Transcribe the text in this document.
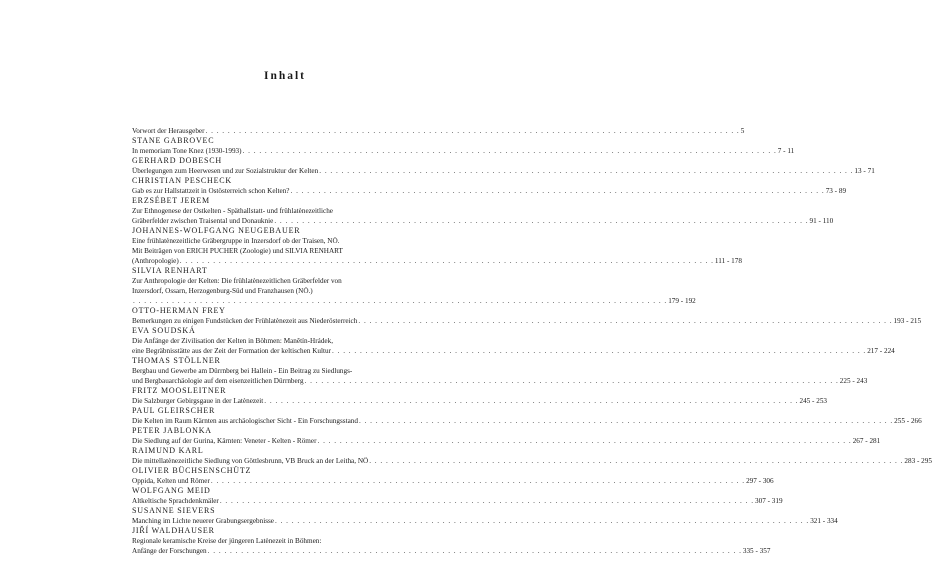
Inhalt
Vorwort der Herausgeber . . . . . . . . . . . . . . . . . . . . . . . . . . . . . . . . . . . . . . . . . . . . . . . . . . . . . . . . . . . . . . . . . . . . . . . . . . . . . . . . . . . . . . . . . . . . . . . . 5
STANE GABROVEC
In memoriam Tone Knez (1930-1993) . . . . . . . . . . . . . . . . . . . . . . . . . . . . . . . . . . . . . . . . . . . . . . . . . . . . . . . . . . . . . . . . . . . . . . . . . . . . . . . . . . . . . . . . . . . . . . . . 7 - 11
GERHARD DOBESCH
Überlegungen zum Heerwesen und zur Sozialstruktur der Kelten . . . . . . . . . . . . . . . . . . . . . . . . . . . . . . . . . . . . . . . . . . . . . . . . . . . . . . . . . . . . . . . . . . . . . . . . . . . . . . . . . . . . . . . . . . . . . . . . 13 - 71
CHRISTIAN PESCHECK
Gab es zur Hallstattzeit in Ostösterreich schon Kelten? . . . . . . . . . . . . . . . . . . . . . . . . . . . . . . . . . . . . . . . . . . . . . . . . . . . . . . . . . . . . . . . . . . . . . . . . . . . . . . . . . . . . . . . . . . . . . . . . 73 - 89
ERZSÉBET JEREM
Zur Ethnogenese der Ostkelten - Späthallstatt- und frühlatènezeitliche
Gräberfelder zwischen Traisental und Donauknie . . . . . . . . . . . . . . . . . . . . . . . . . . . . . . . . . . . . . . . . . . . . . . . . . . . . . . . . . . . . . . . . . . . . . . . . . . . . . . . . . . . . . . . . . . . . . . . . 91 - 110
JOHANNES-WOLFGANG NEUGEBAUER
Eine frühlatènezeitliche Gräbergruppe in Inzersdorf ob der Traisen, NÖ.
Mit Beiträgen von ERICH PUCHER (Zoologie) und SILVIA RENHART
(Anthropologie) . . . . . . . . . . . . . . . . . . . . . . . . . . . . . . . . . . . . . . . . . . . . . . . . . . . . . . . . . . . . . . . . . . . . . . . . . . . . . . . . . . . . . . . . . . . . . . . . 111 - 178
SILVIA RENHART
Zur Anthropologie der Kelten: Die frühlatènezeitlichen Gräberfelder von
Inzersdorf, Ossarn, Herzogenburg-Süd und Franzhausen (NÖ.)
. . . . . . . . . . . . . . . . . . . . . . . . . . . . . . . . . . . . . . . . . . . . . . . . . . . . . . . . . . . . . . . . . . . . . . . . . . . . . . . . . . . . . . . . . . . . . . . . 179 - 192
OTTO-HERMAN FREY
Bemerkungen zu einigen Fundstücken der Frühlatènezeit aus Niederösterreich . . . . . . . . . . . . . . . . . . . . . . . . . . . . . . . . . . . . . . . . . . . . . . . . . . . . . . . . . . . . . . . . . . . . . . . . . . . . . . . . . . . . . . . . . . . . . . . . 193 - 215
EVA SOUDSKÁ
Die Anfänge der Zivilisation der Kelten in Böhmen: Manětín-Hrádek,
eine Begräbnisstätte aus der Zeit der Formation der keltischen Kultur . . . . . . . . . . . . . . . . . . . . . . . . . . . . . . . . . . . . . . . . . . . . . . . . . . . . . . . . . . . . . . . . . . . . . . . . . . . . . . . . . . . . . . . . . . . . . . . . 217 - 224
THOMAS STÖLLNER
Bergbau und Gewerbe am Dürrnberg bei Hallein - Ein Beitrag zu Siedlungs-
und Bergbauarchäologie auf dem eisenzeitlichen Dürrnberg . . . . . . . . . . . . . . . . . . . . . . . . . . . . . . . . . . . . . . . . . . . . . . . . . . . . . . . . . . . . . . . . . . . . . . . . . . . . . . . . . . . . . . . . . . . . . . . . 225 - 243
FRITZ MOOSLEITNER
Die Salzburger Gebirgsgaue in der Latènezeit . . . . . . . . . . . . . . . . . . . . . . . . . . . . . . . . . . . . . . . . . . . . . . . . . . . . . . . . . . . . . . . . . . . . . . . . . . . . . . . . . . . . . . . . . . . . . . . . 245 - 253
PAUL GLEIRSCHER
Die Kelten im Raum Kärnten aus archäologischer Sicht - Ein Forschungsstand . . . . . . . . . . . . . . . . . . . . . . . . . . . . . . . . . . . . . . . . . . . . . . . . . . . . . . . . . . . . . . . . . . . . . . . . . . . . . . . . . . . . . . . . . . . . . . . . 255 - 266
PETER JABLONKA
Die Siedlung auf der Gurina, Kärnten: Veneter - Kelten - Römer . . . . . . . . . . . . . . . . . . . . . . . . . . . . . . . . . . . . . . . . . . . . . . . . . . . . . . . . . . . . . . . . . . . . . . . . . . . . . . . . . . . . . . . . . . . . . . . . 267 - 281
RAIMUND KARL
Die mittellatènezeitliche Siedlung von Göttlesbrunn, VB Bruck an der Leitha, NÖ . . . . . . . . . . . . . . . . . . . . . . . . . . . . . . . . . . . . . . . . . . . . . . . . . . . . . . . . . . . . . . . . . . . . . . . . . . . . . . . . . . . . . . . . . . . . . . . . 283 - 295
OLIVIER BÜCHSENSCHÜTZ
Oppida, Kelten und Römer . . . . . . . . . . . . . . . . . . . . . . . . . . . . . . . . . . . . . . . . . . . . . . . . . . . . . . . . . . . . . . . . . . . . . . . . . . . . . . . . . . . . . . . . . . . . . . . . 297 - 306
WOLFGANG MEID
Altkeltische Sprachdenkmäler . . . . . . . . . . . . . . . . . . . . . . . . . . . . . . . . . . . . . . . . . . . . . . . . . . . . . . . . . . . . . . . . . . . . . . . . . . . . . . . . . . . . . . . . . . . . . . . . 307 - 319
SUSANNE SIEVERS
Manching im Lichte neuerer Grabungsergebnisse . . . . . . . . . . . . . . . . . . . . . . . . . . . . . . . . . . . . . . . . . . . . . . . . . . . . . . . . . . . . . . . . . . . . . . . . . . . . . . . . . . . . . . . . . . . . . . . . 321 - 334
JIŘÍ WALDHAUSER
Regionale keramische Kreise der jüngeren Latènezeit in Böhmen:
Anfänge der Forschungen . . . . . . . . . . . . . . . . . . . . . . . . . . . . . . . . . . . . . . . . . . . . . . . . . . . . . . . . . . . . . . . . . . . . . . . . . . . . . . . . . . . . . . . . . . . . . . . . 335 - 357
